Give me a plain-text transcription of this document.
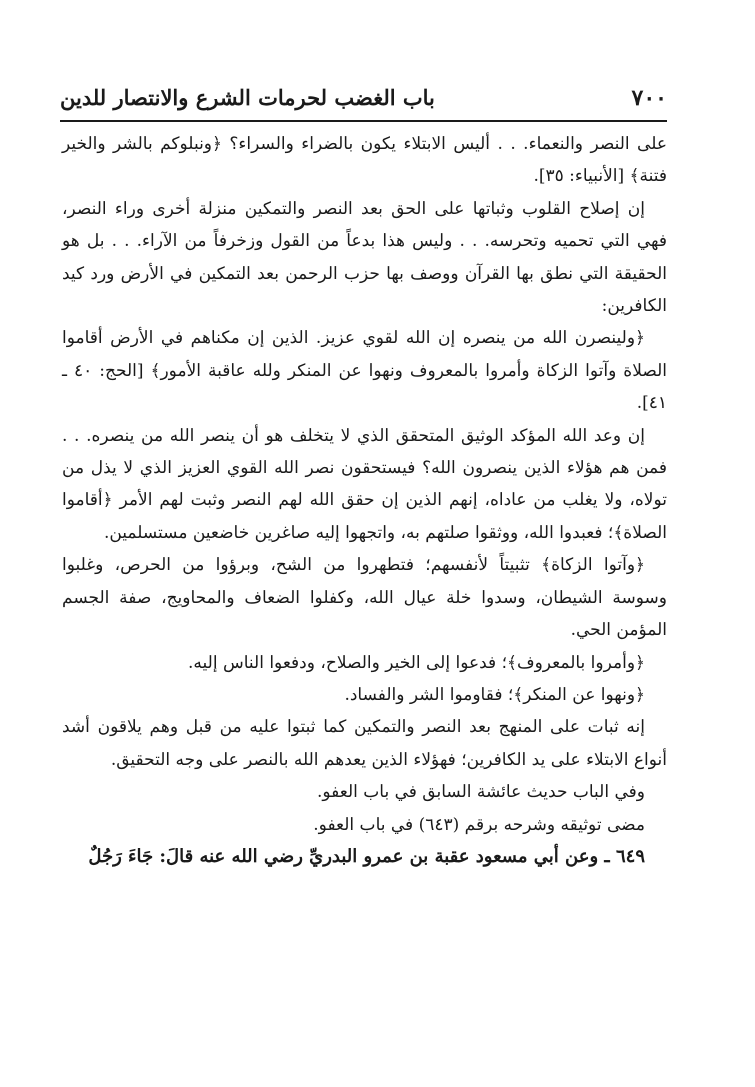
٧٠٠
باب الغضب لحرمات الشرع والانتصار للدين

على النصر والنعماء. . . أليس الابتلاء يكون بالضراء والسراء؟ ﴿ونبلوكم بالشر والخير فتنة﴾ [الأنبياء: ٣٥].

إن إصلاح القلوب وثباتها على الحق بعد النصر والتمكين منزلة أخرى وراء النصر، فهي التي تحميه وتحرسه. . . وليس هذا بدعاً من القول وزخرفاً من الآراء. . . بل هو الحقيقة التي نطق بها القرآن ووصف بها حزب الرحمن بعد التمكين في الأرض ورد كيد الكافرين:

﴿ولينصرن الله من ينصره إن الله لقوي عزيز. الذين إن مكناهم في الأرض أقاموا الصلاة وآتوا الزكاة وأمروا بالمعروف ونهوا عن المنكر ولله عاقبة الأمور﴾ [الحج: ٤٠ ـ ٤١].

إن وعد الله المؤكد الوثيق المتحقق الذي لا يتخلف هو أن ينصر الله من ينصره. . . فمن هم هؤلاء الذين ينصرون الله؟ فيستحقون نصر الله القوي العزيز الذي لا يذل من تولاه، ولا يغلب من عاداه، إنهم الذين إن حقق الله لهم النصر وثبت لهم الأمر ﴿أقاموا الصلاة﴾؛ فعبدوا الله، ووثقوا صلتهم به، واتجهوا إليه صاغرين خاضعين مستسلمين.

﴿وآتوا الزكاة﴾ تثبيتاً لأنفسهم؛ فتطهروا من الشح، وبرؤوا من الحرص، وغلبوا وسوسة الشيطان، وسدوا خلة عيال الله، وكفلوا الضعاف والمحاويج، صفة الجسم المؤمن الحي.

﴿وأمروا بالمعروف﴾؛ فدعوا إلى الخير والصلاح، ودفعوا الناس إليه.

﴿ونهوا عن المنكر﴾؛ فقاوموا الشر والفساد.

إنه ثبات على المنهج بعد النصر والتمكين كما ثبتوا عليه من قبل وهم يلاقون أشد أنواع الابتلاء على يد الكافرين؛ فهؤلاء الذين يعدهم الله بالنصر على وجه التحقيق.

وفي الباب حديث عائشة السابق في باب العفو.

مضى توثيقه وشرحه برقم (٦٤٣) في باب العفو.

٦٤٩ ـ وعن أبي مسعود عقبة بن عمرو البدريِّ رضي الله عنه قالَ: جَاءَ رَجُلٌ
